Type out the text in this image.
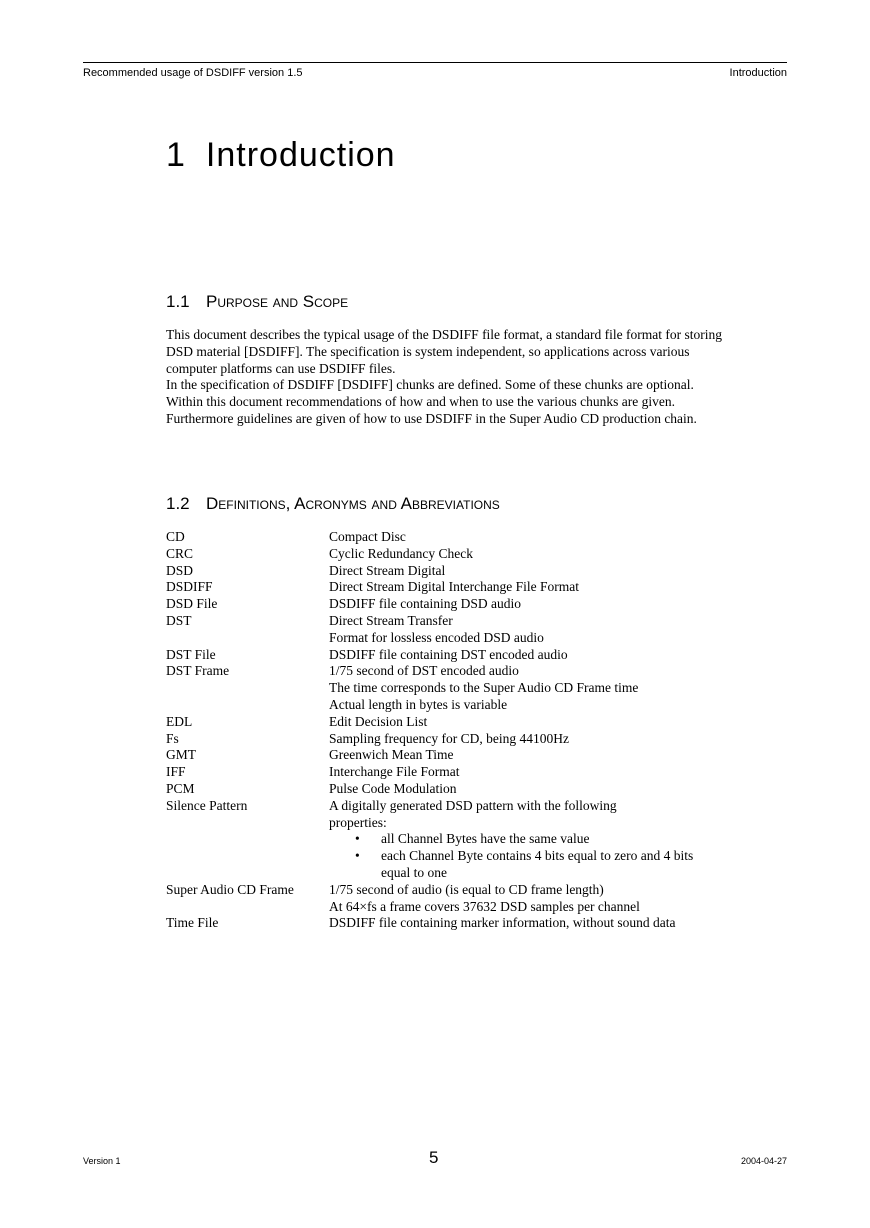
Recommended usage of DSDIFF version 1.5	Introduction
1 Introduction
1.1 Purpose and Scope

This document describes the typical usage of the DSDIFF file format, a standard file format for storing DSD material [DSDIFF]. The specification is system independent, so applications across various computer platforms can use DSDIFF files.

In the specification of DSDIFF [DSDIFF] chunks are defined. Some of these chunks are optional. Within this document recommendations of how and when to use the various chunks are given.

Furthermore guidelines are given of how to use DSDIFF in the Super Audio CD production chain.

1.2 Definitions, Acronyms and Abbreviations
CD	Compact Disc
CRC	Cyclic Redundancy Check
DSD	Direct Stream Digital
DSDIFF	Direct Stream Digital Interchange File Format
DSD File	DSDIFF file containing DSD audio
DST	Direct Stream Transfer
Format for lossless encoded DSD audio
DST File	DSDIFF file containing DST encoded audio
DST Frame	1/75 second of DST encoded audio
The time corresponds to the Super Audio CD Frame time
Actual length in bytes is variable
EDL	Edit Decision List
Fs	Sampling frequency for CD, being 44100Hz
GMT	Greenwich Mean Time
IFF	Interchange File Format
PCM	Pulse Code Modulation
Silence Pattern	A digitally generated DSD pattern with the following
properties:
• all Channel Bytes have the same value
• each Channel Byte contains 4 bits equal to zero and 4 bits equal to one
Super Audio CD Frame	1/75 second of audio (is equal to CD frame length)
At 64×fs a frame covers 37632 DSD samples per channel
Time File	DSDIFF file containing marker information, without sound data
Version 1	5	2004-04-27
